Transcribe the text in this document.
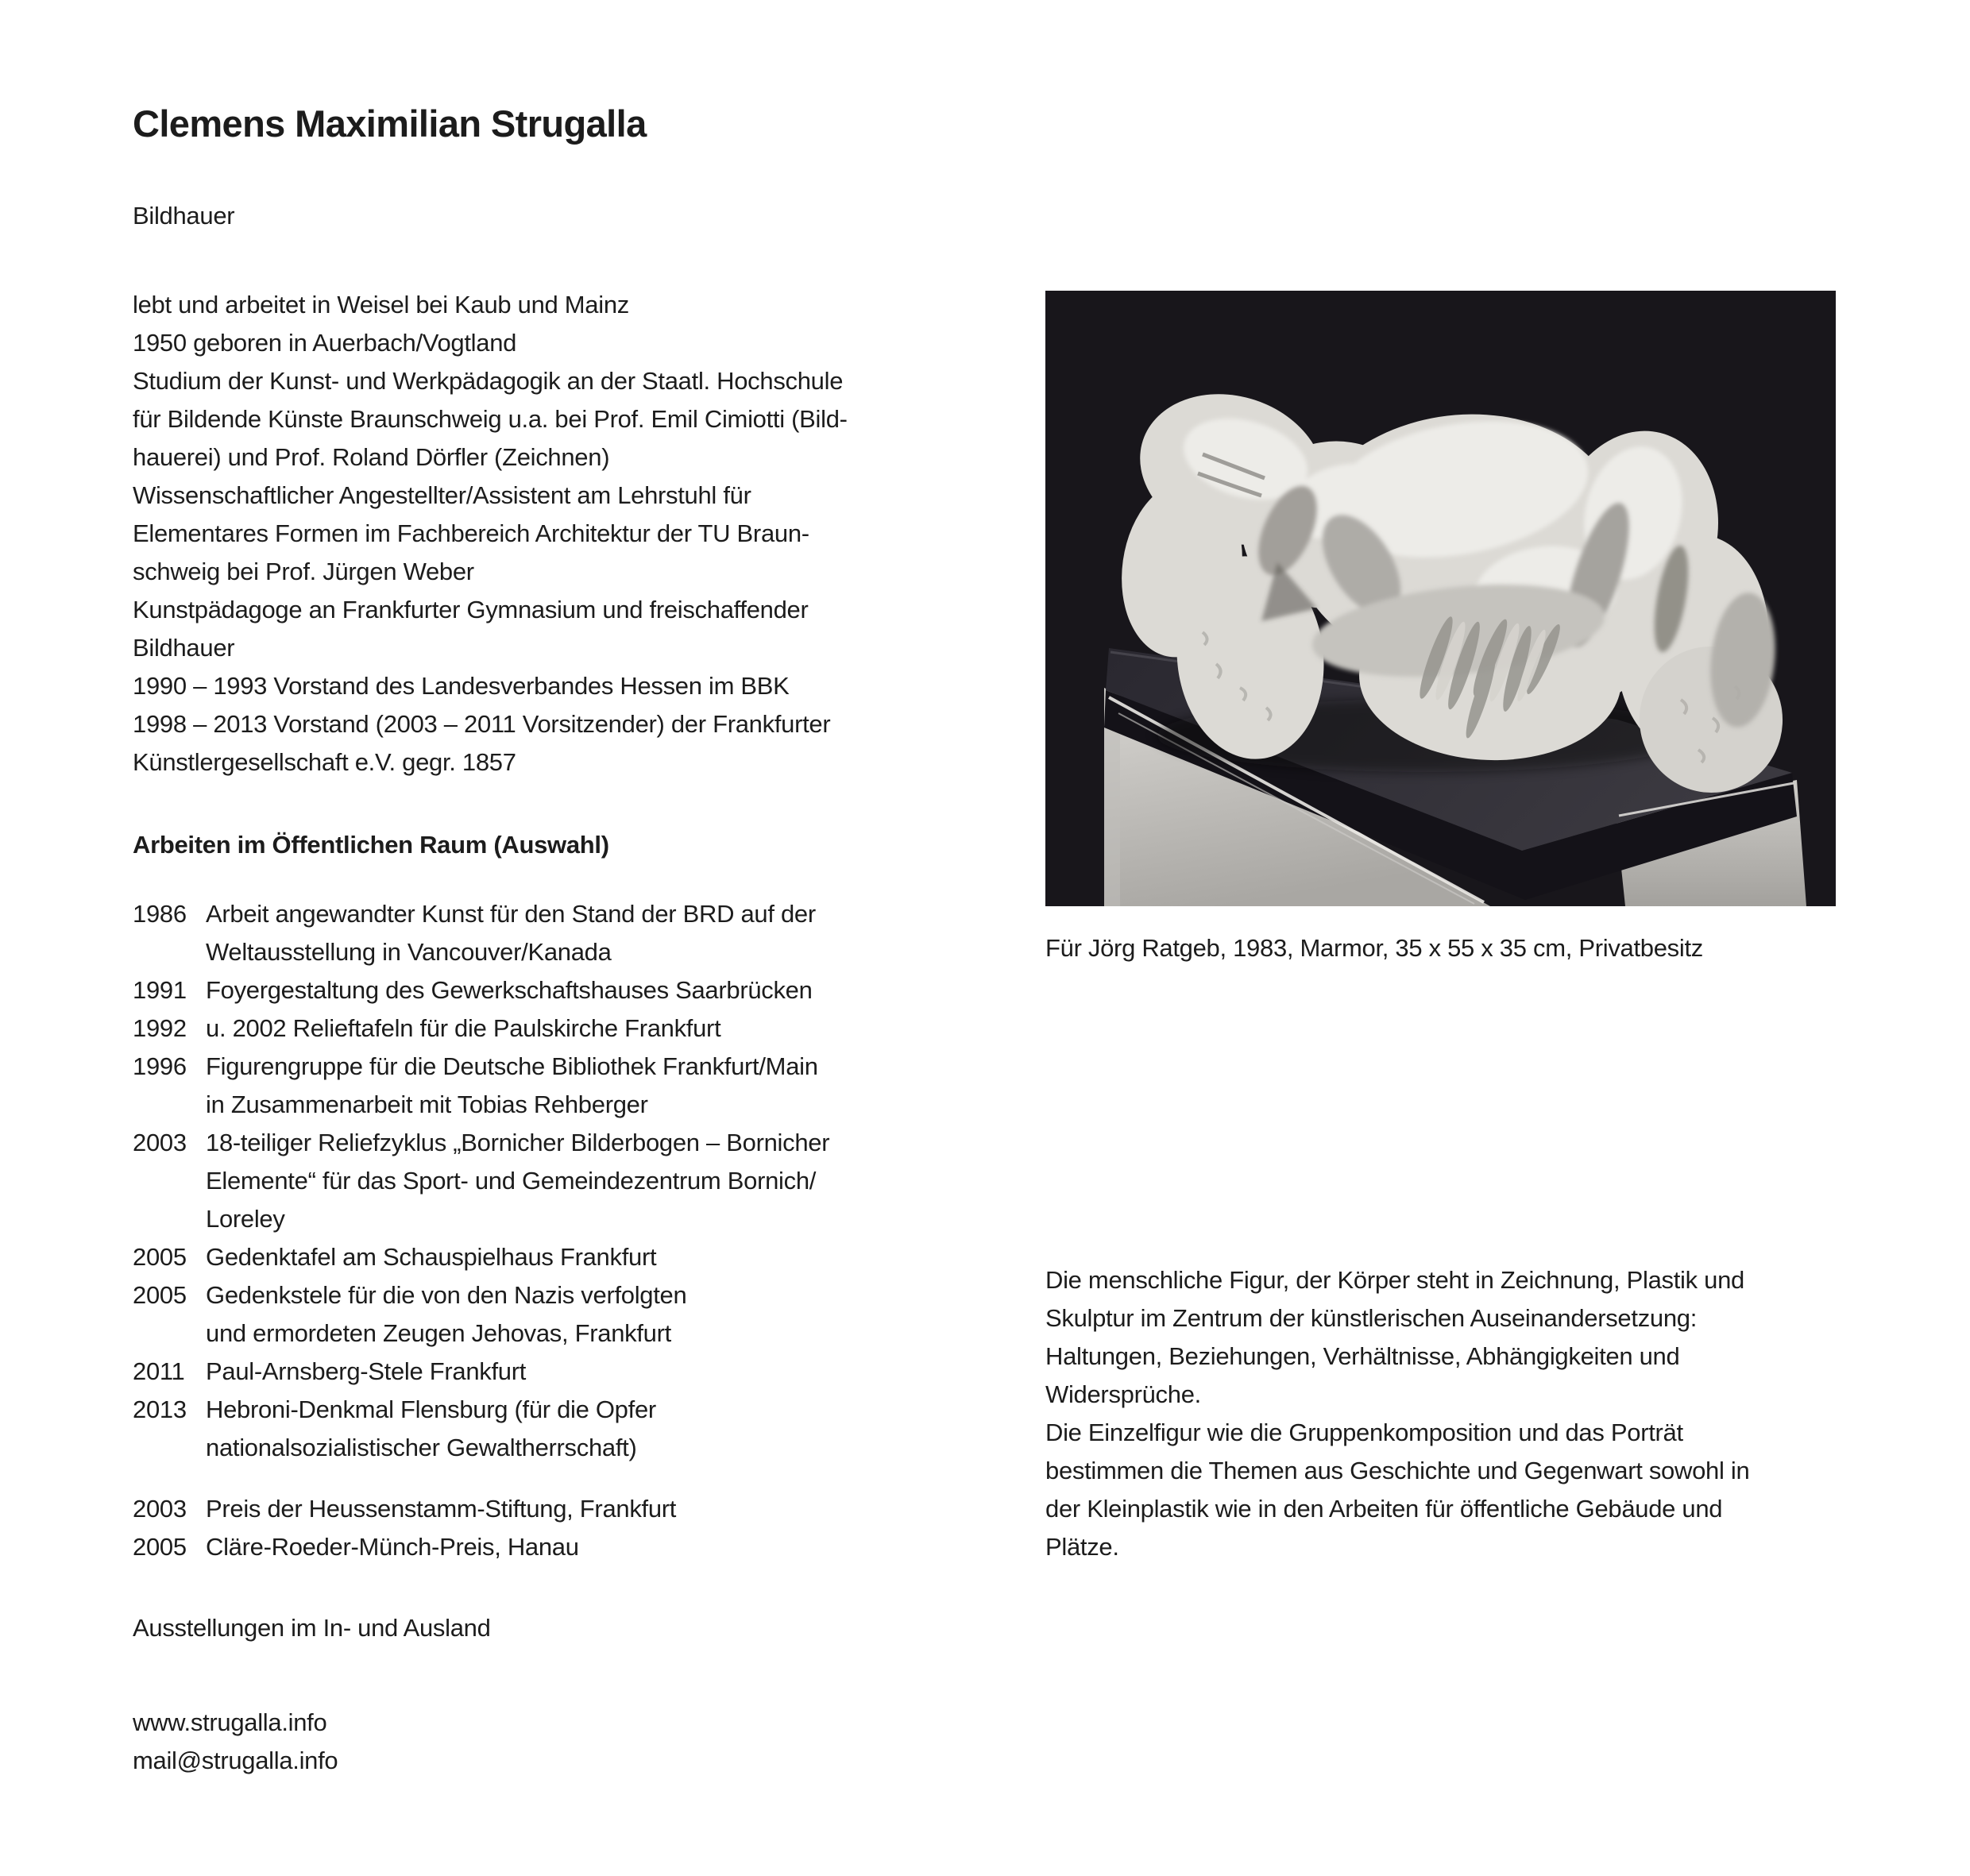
Clemens Maximilian Strugalla
Bildhauer
lebt und arbeitet in Weisel bei Kaub und Mainz
1950 geboren in Auerbach/Vogtland
Studium der Kunst- und Werkpädagogik an der Staatl. Hochschule
für Bildende Künste Braunschweig u.a. bei Prof. Emil Cimiotti (Bild-
hauerei) und Prof. Roland Dörfler (Zeichnen)
Wissenschaftlicher Angestellter/Assistent am Lehrstuhl für
Elementares Formen im Fachbereich Architektur der TU Braun-
schweig bei Prof. Jürgen Weber
Kunstpädagoge an Frankfurter Gymnasium und freischaffender
Bildhauer
1990 – 1993 Vorstand des Landesverbandes Hessen im BBK
1998 – 2013 Vorstand (2003 – 2011 Vorsitzender) der Frankfurter
Künstlergesellschaft e.V. gegr. 1857
Arbeiten im Öffentlichen Raum (Auswahl)
1986 Arbeit angewandter Kunst für den Stand der BRD auf der
Weltausstellung in Vancouver/Kanada
1991 Foyergestaltung des Gewerkschaftshauses Saarbrücken
1992 u. 2002 Relieftafeln für die Paulskirche Frankfurt
1996 Figurengruppe für die Deutsche Bibliothek Frankfurt/Main
in Zusammenarbeit mit Tobias Rehberger
2003 18-teiliger Reliefzyklus „Bornicher Bilderbogen – Bornicher
Elemente“ für das Sport- und Gemeindezentrum Bornich/
Loreley
2005 Gedenktafel am Schauspielhaus Frankfurt
2005 Gedenkstele für die von den Nazis verfolgten
und ermordeten Zeugen Jehovas, Frankfurt
2011 Paul-Arnsberg-Stele Frankfurt
2013 Hebroni-Denkmal Flensburg (für die Opfer
nationalsozialistischer Gewaltherrschaft)
2003 Preis der Heussenstamm-Stiftung, Frankfurt
2005 Cläre-Roeder-Münch-Preis, Hanau
Ausstellungen im In- und Ausland
www.strugalla.info
mail@strugalla.info
Für Jörg Ratgeb, 1983, Marmor, 35 x 55 x 35 cm, Privatbesitz
Die menschliche Figur, der Körper steht in Zeichnung, Plastik und
Skulptur im Zentrum der künstlerischen Auseinandersetzung:
Haltungen, Beziehungen, Verhältnisse, Abhängigkeiten und
Widersprüche.
Die Einzelfigur wie die Gruppenkomposition und das Porträt
bestimmen die Themen aus Geschichte und Gegenwart sowohl in
der Kleinplastik wie in den Arbeiten für öffentliche Gebäude und
Plätze.
